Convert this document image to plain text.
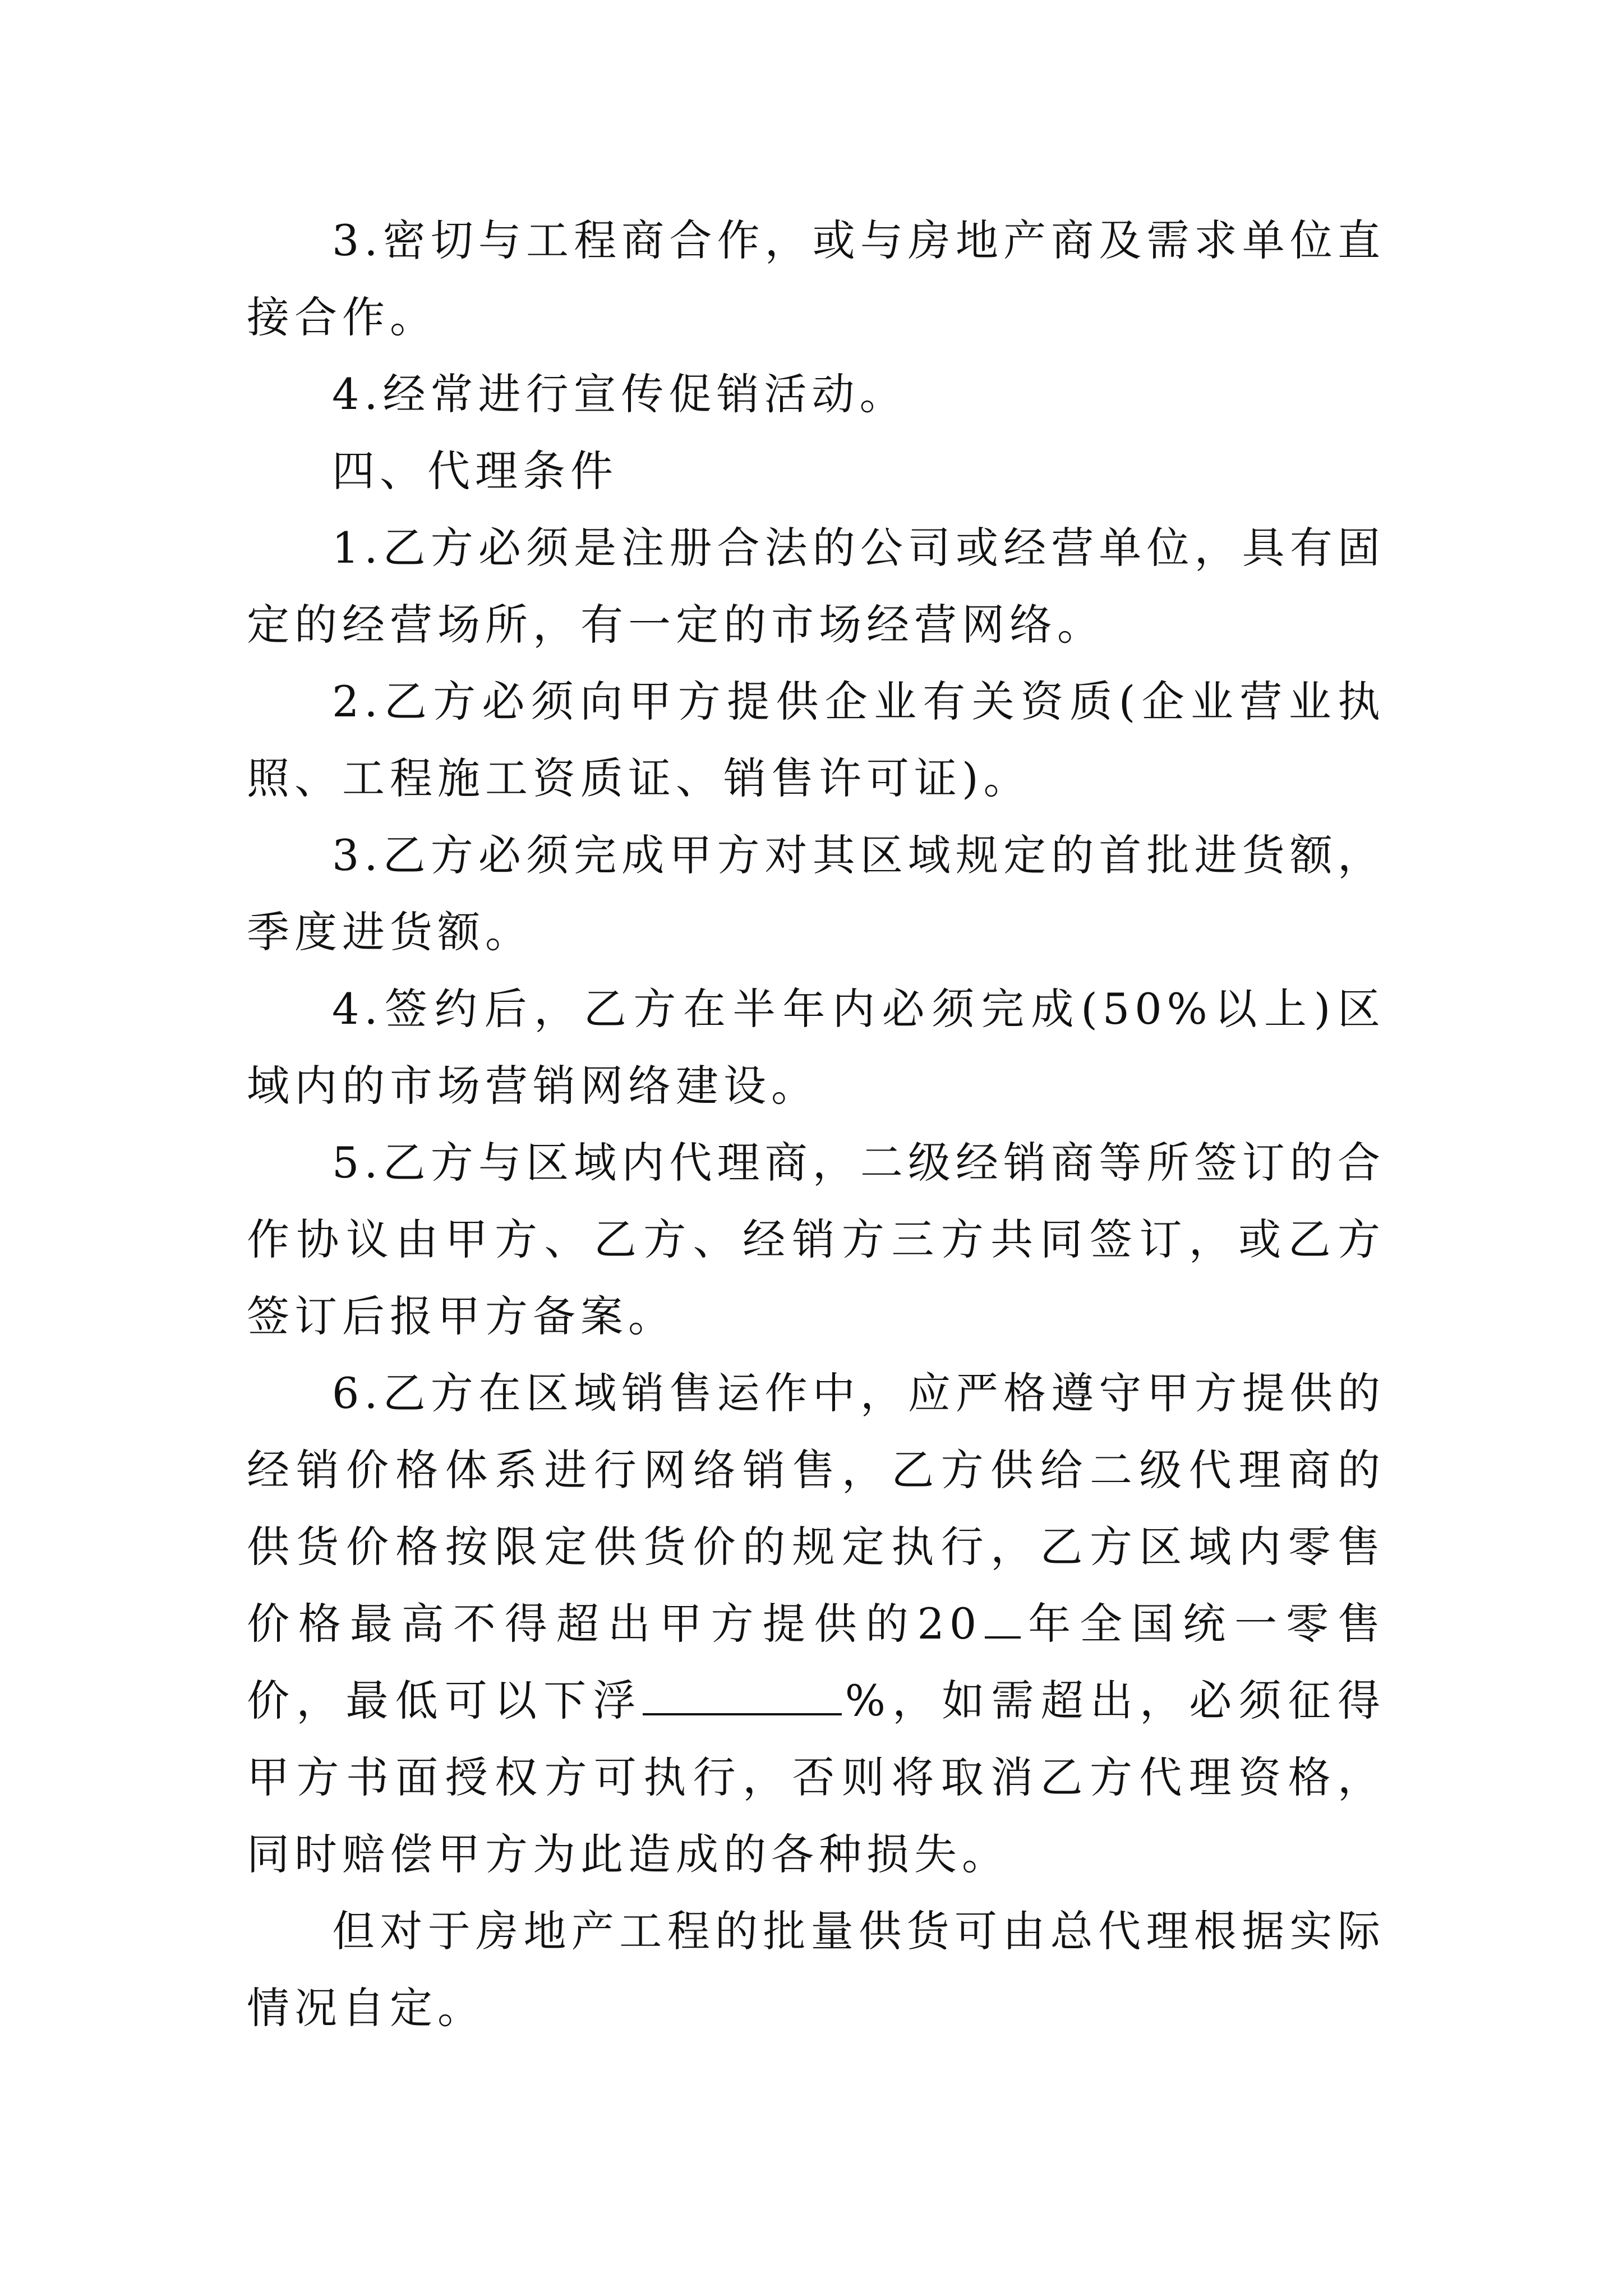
3.密切与工程商合作，或与房地产商及需求单位直接合作。

4.经常进行宣传促销活动。

四、代理条件

1.乙方必须是注册合法的公司或经营单位，具有固定的经营场所，有一定的市场经营网络。

2.乙方必须向甲方提供企业有关资质(企业营业执照、工程施工资质证、销售许可证)。

3.乙方必须完成甲方对其区域规定的首批进货额，季度进货额。

4.签约后，乙方在半年内必须完成(50%以上)区域内的市场营销网络建设。

5.乙方与区域内代理商，二级经销商等所签订的合作协议由甲方、乙方、经销方三方共同签订，或乙方签订后报甲方备案。

6.乙方在区域销售运作中，应严格遵守甲方提供的经销价格体系进行网络销售，乙方供给二级代理商的供货价格按限定供货价的规定执行，乙方区域内零售价格最高不得超出甲方提供的20 年全国统一零售价，最低可以下浮	%，如需超出，必须征得甲方书面授权方可执行，否则将取消乙方代理资格，同时赔偿甲方为此造成的各种损失。

但对于房地产工程的批量供货可由总代理根据实际情况自定。
